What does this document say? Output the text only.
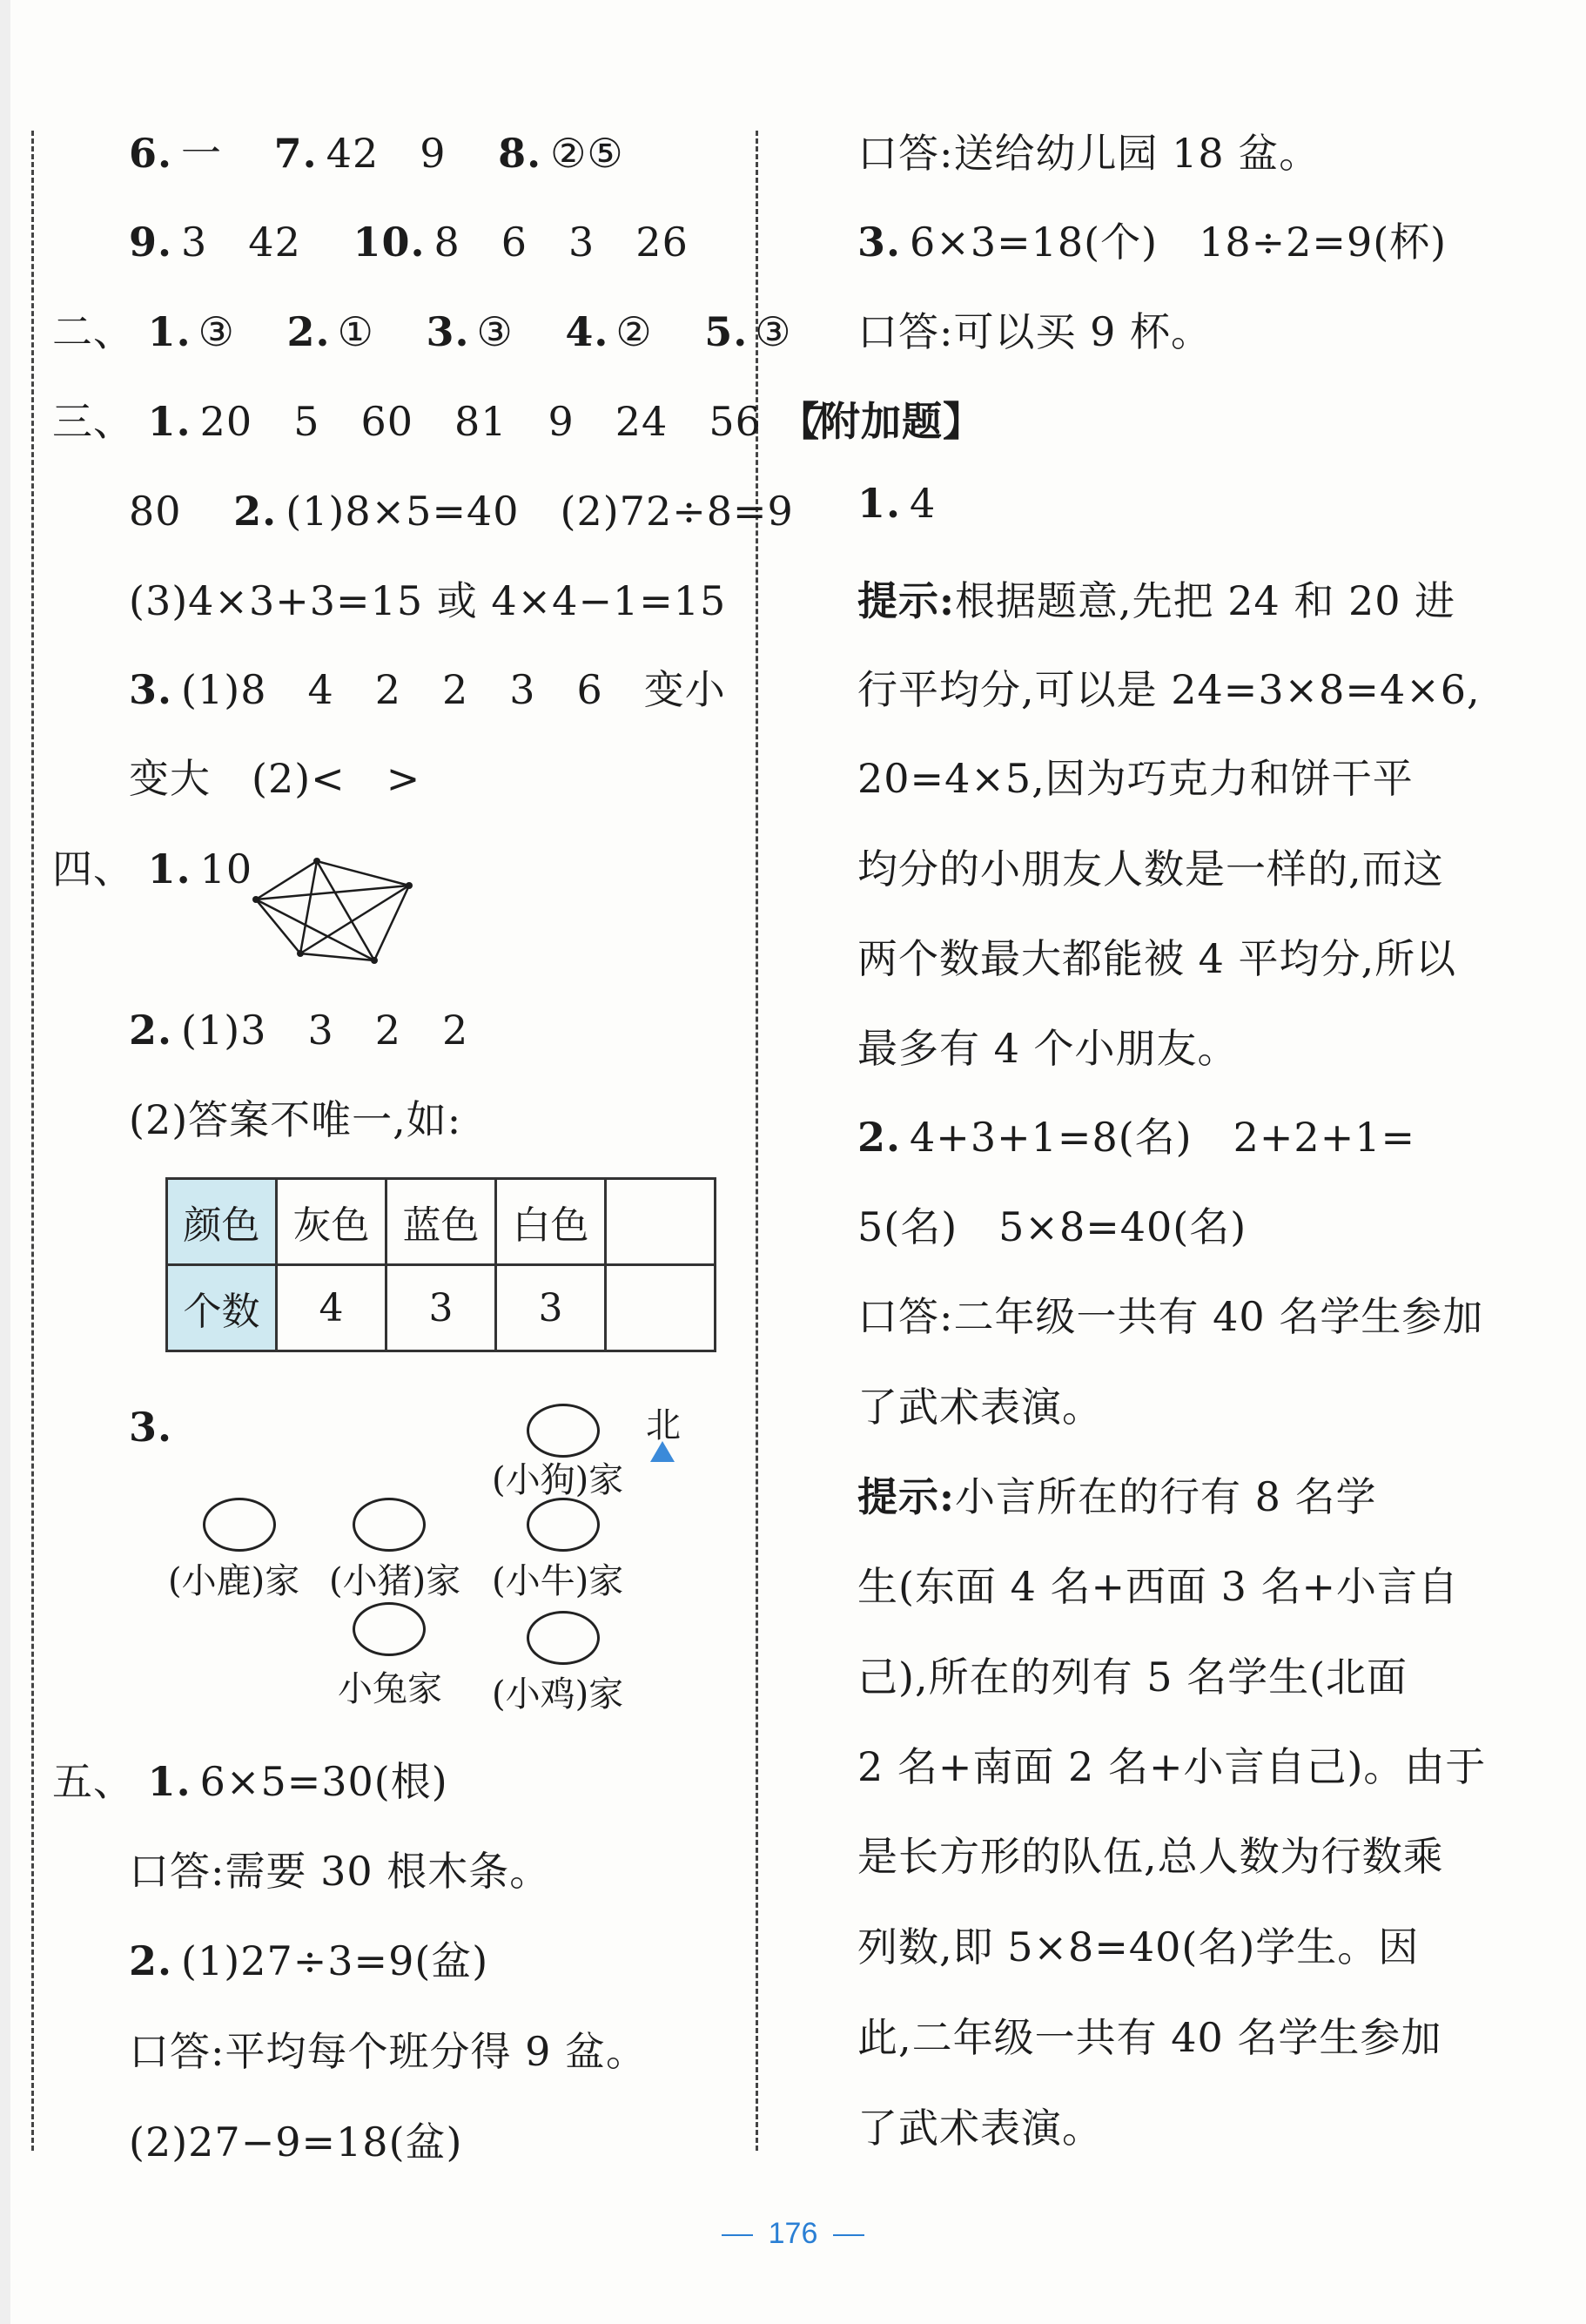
6. 一 7. 42　9 8. ②⑤
9. 3　42 10. 8　6　3　26
二、 1. ③ 2. ① 3. ③ 4. ② 5. ③
三、 1. 20　5　60　81　9　24　56　7
80 2. (1)8×5=40　(2)72÷8=9
(3)4×3+3=15 或 4×4−1=15
3. (1)8　4　2　2　3　6　变小
变大　(2)<　>
四、 1. 10
2. (1)3　3　2　2
(2)答案不唯一,如:
颜色	灰色	蓝色	白色	
个数	4	3	3	
3.	北
(小狗)家
(小鹿)家 (小猪)家 (小牛)家
小兔家 (小鸡)家
五、 1. 6×5=30(根)
口答:需要 30 根木条。
2. (1)27÷3=9(盆)
口答:平均每个班分得 9 盆。
(2)27−9=18(盆)
口答:送给幼儿园 18 盆。
3. 6×3=18(个)　18÷2=9(杯)
口答:可以买 9 杯。
【附加题】
1. 4
提示:根据题意,先把 24 和 20 进
行平均分,可以是 24=3×8=4×6,
20=4×5,因为巧克力和饼干平
均分的小朋友人数是一样的,而这
两个数最大都能被 4 平均分,所以
最多有 4 个小朋友。
2. 4+3+1=8(名)　2+2+1=
5(名)　5×8=40(名)
口答:二年级一共有 40 名学生参加
了武术表演。
提示:小言所在的行有 8 名学
生(东面 4 名+西面 3 名+小言自
己),所在的列有 5 名学生(北面
2 名+南面 2 名+小言自己)。由于
是长方形的队伍,总人数为行数乘
列数,即 5×8=40(名)学生。因
此,二年级一共有 40 名学生参加
了武术表演。
176
